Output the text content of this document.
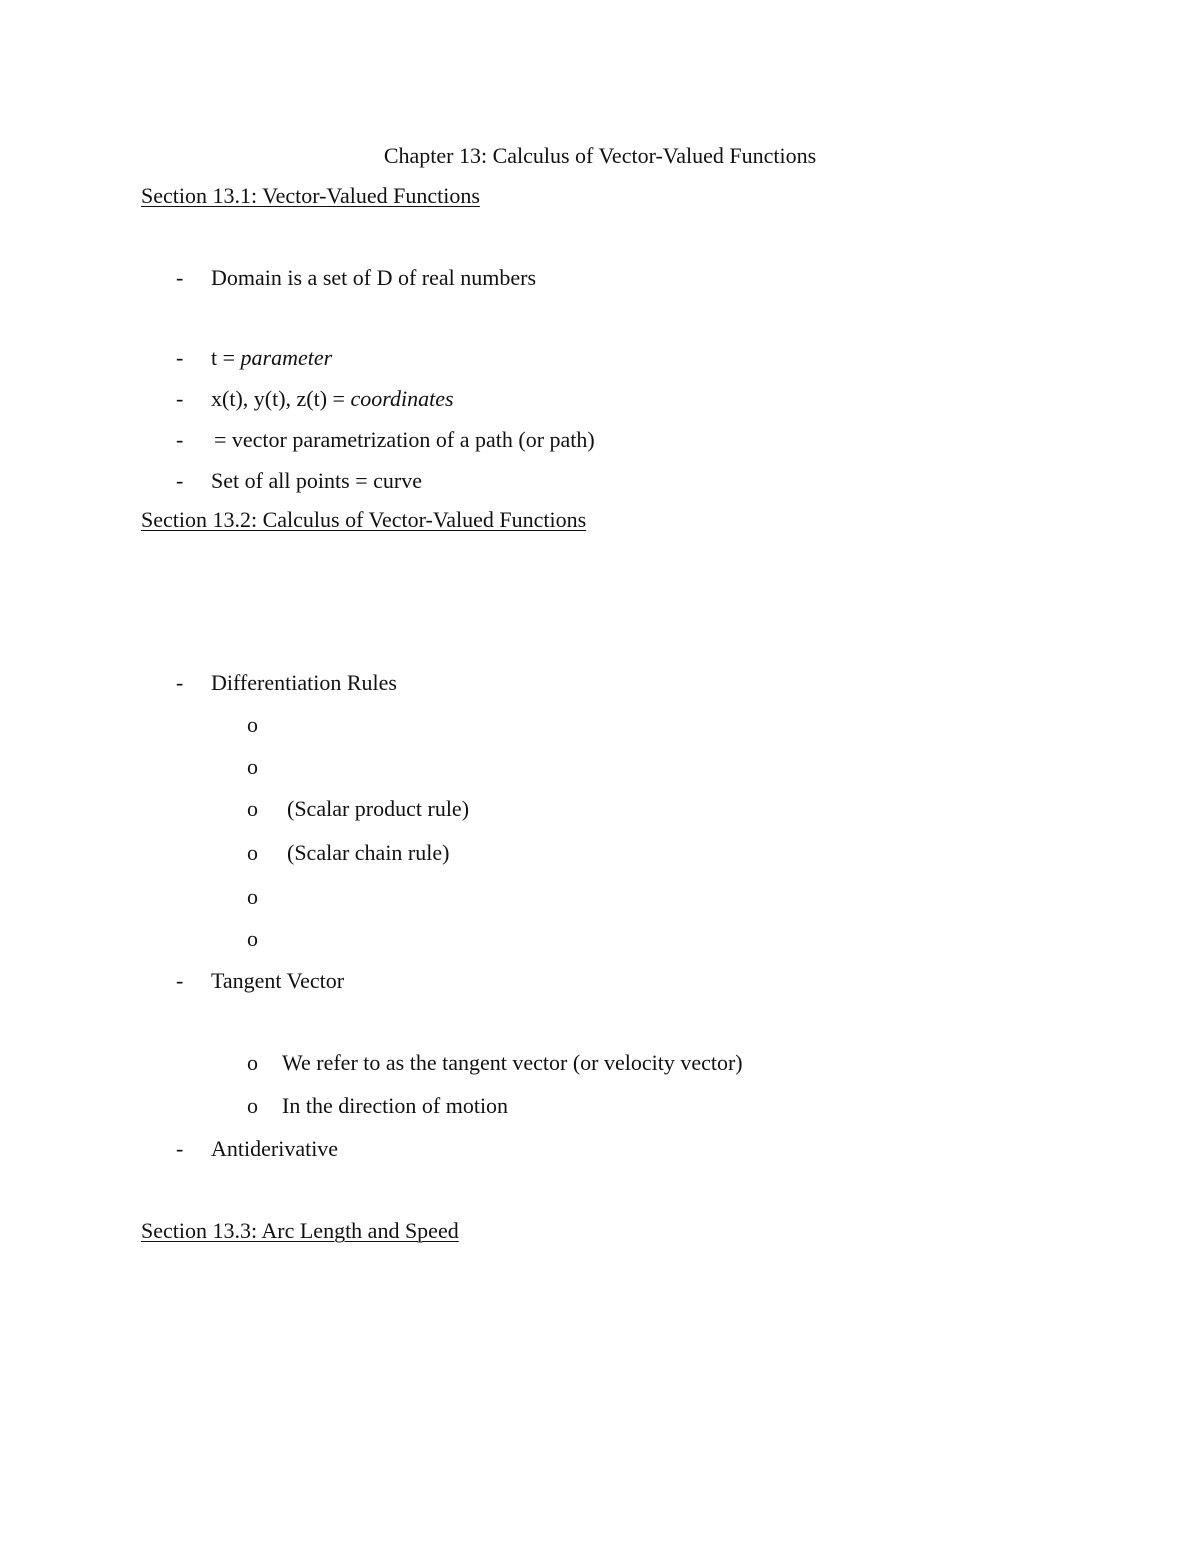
Chapter 13: Calculus of Vector-Valued Functions
Section 13.1: Vector-Valued Functions
- Domain is a set of D of real numbers
- t = parameter
- x(t), y(t), z(t) = coordinates
- = vector parametrization of a path (or path)
- Set of all points = curve
Section 13.2: Calculus of Vector-Valued Functions
- Differentiation Rules
o
o
o (Scalar product rule)
o (Scalar chain rule)
o
o
- Tangent Vector
o We refer to as the tangent vector (or velocity vector)
o In the direction of motion
- Antiderivative
Section 13.3: Arc Length and Speed
